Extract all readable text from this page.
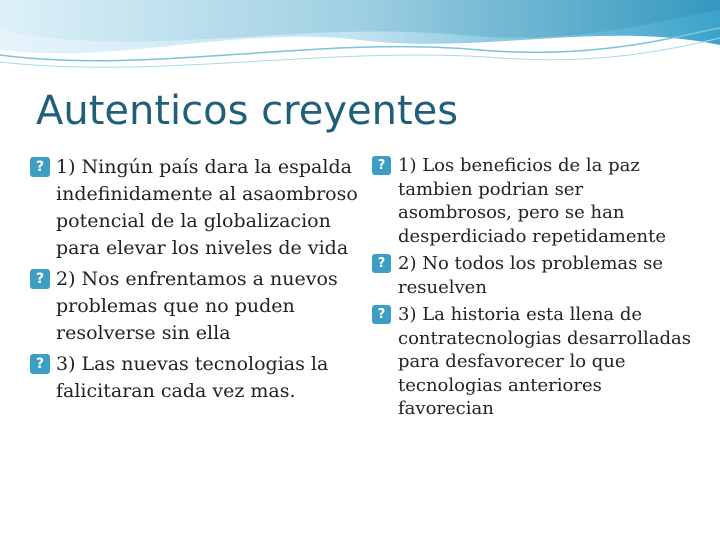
Autenticos creyentes
?
1) Ningún país dara la espalda indefinidamente al asaombroso potencial de la globalizacion para elevar los niveles de vida
?
2) Nos enfrentamos a nuevos problemas que no puden resolverse sin ella
?
3) Las nuevas tecnologias la falicitaran cada vez mas.
?
1) Los beneficios de la paz tambien podrian ser asombrosos, pero se han desperdiciado repetidamente
?
2) No todos los problemas se resuelven
?
3) La historia esta llena de contratecnologias desarrolladas para desfavorecer lo que tecnologias anteriores favorecian
